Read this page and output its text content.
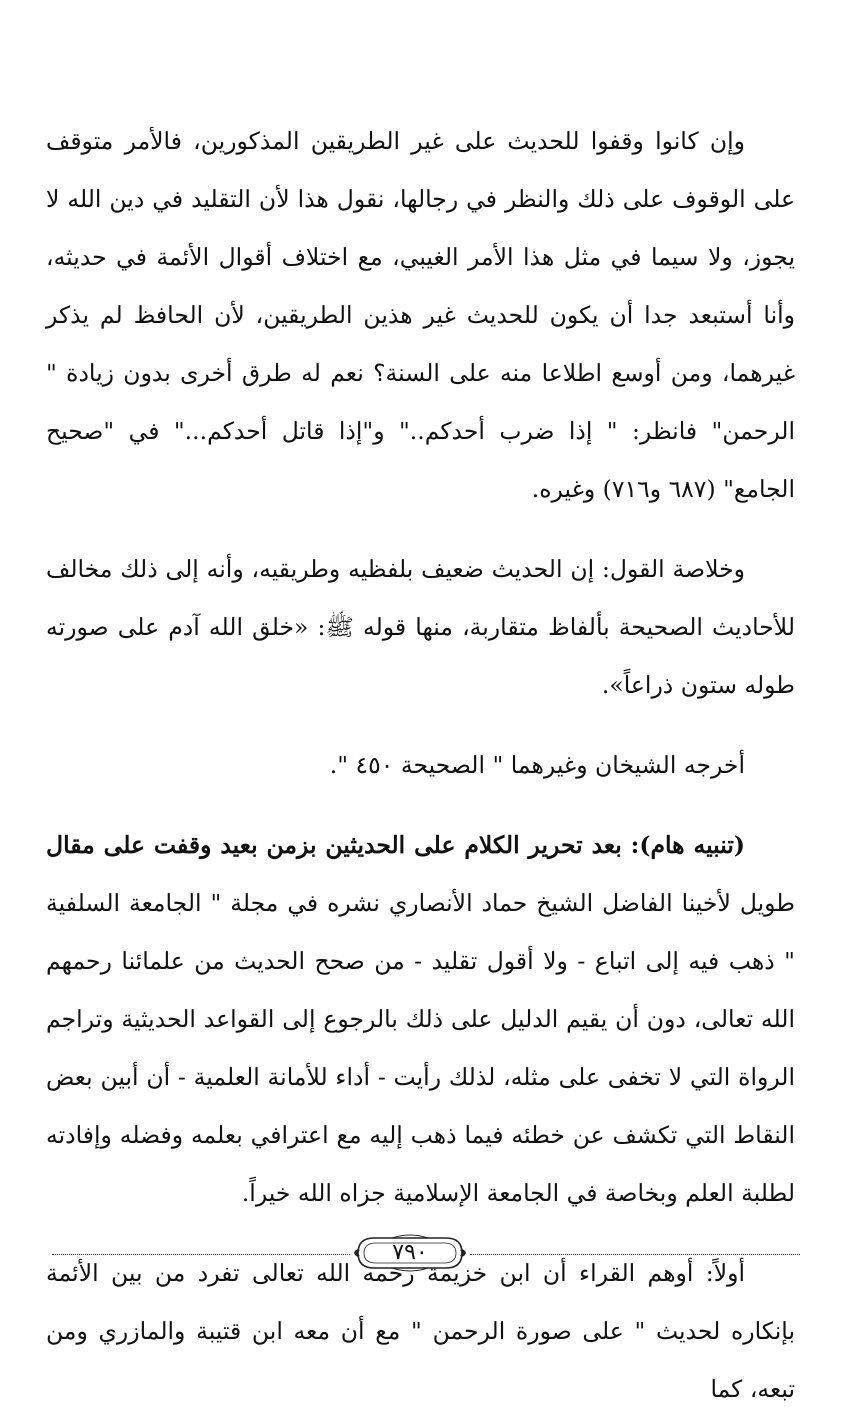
وإن كانوا وقفوا للحديث على غير الطريقين المذكورين، فالأمر متوقف على الوقوف على ذلك والنظر في رجالها، نقول هذا لأن التقليد في دين الله لا يجوز، ولا سيما في مثل هذا الأمر الغيبي، مع اختلاف أقوال الأئمة في حديثه، وأنا أستبعد جدا أن يكون للحديث غير هذين الطريقين، لأن الحافظ لم يذكر غيرهما، ومن أوسع اطلاعا منه على السنة؟ نعم له طرق أخرى بدون زيادة " الرحمن" فانظر: " إذا ضرب أحدكم.." و"إذا قاتل أحدكم..." في "صحيح الجامع" (٦٨٧ و٧١٦) وغيره.

وخلاصة القول: إن الحديث ضعيف بلفظيه وطريقيه، وأنه إلى ذلك مخالف للأحاديث الصحيحة بألفاظ متقاربة، منها قوله ﷺ: «خلق الله آدم على صورته طوله ستون ذراعاً».

أخرجه الشيخان وغيرهما " الصحيحة ٤٥٠ ".

(تنبيه هام): بعد تحرير الكلام على الحديثين بزمن بعيد وقفت على مقال طويل لأخينا الفاضل الشيخ حماد الأنصاري نشره في مجلة " الجامعة السلفية " ذهب فيه إلى اتباع - ولا أقول تقليد - من صحح الحديث من علمائنا رحمهم الله تعالى، دون أن يقيم الدليل على ذلك بالرجوع إلى القواعد الحديثية وتراجم الرواة التي لا تخفى على مثله، لذلك رأيت - أداء للأمانة العلمية - أن أبين بعض النقاط التي تكشف عن خطئه فيما ذهب إليه مع اعترافي بعلمه وفضله وإفادته لطلبة العلم وبخاصة في الجامعة الإسلامية جزاه الله خيراً.

أولاً: أوهم القراء أن ابن خزيمة رحمه الله تعالى تفرد من بين الأئمة بإنكاره لحديث " على صورة الرحمن " مع أن معه ابن قتيبة والمازري ومن تبعه، كما

٧٩٠
